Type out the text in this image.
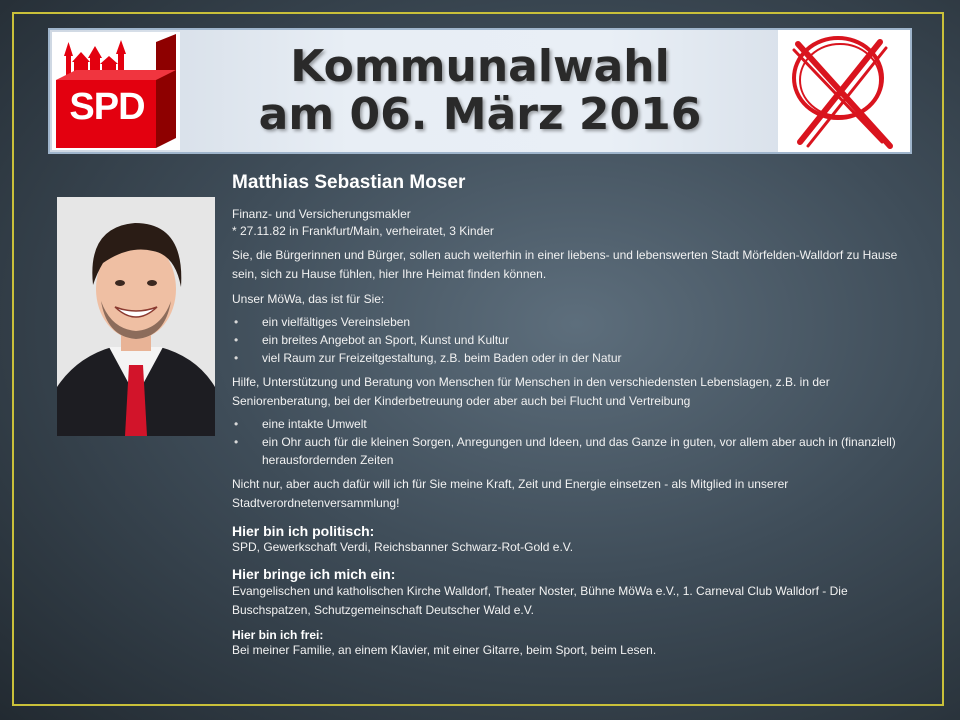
SPD
Kommunalwahl
am 06. März 2016
Matthias Sebastian Moser

Finanz- und Versicherungsmakler

* 27.11.82 in Frankfurt/Main, verheiratet, 3 Kinder

Sie, die Bürgerinnen und Bürger, sollen auch weiterhin in einer liebens- und lebenswerten Stadt Mörfelden-Walldorf zu Hause sein, sich zu Hause fühlen, hier Ihre Heimat finden können.

Unser MöWa, das ist für Sie:

• ein vielfältiges Vereinsleben
• ein breites Angebot an Sport, Kunst und Kultur
• viel Raum zur Freizeitgestaltung, z.B. beim Baden oder in der Natur

Hilfe, Unterstützung und Beratung von Menschen für Menschen in den verschiedensten Lebenslagen, z.B. in der Seniorenberatung, bei der Kinderbetreuung oder aber auch bei Flucht und Vertreibung

• eine intakte Umwelt
• ein Ohr auch für die kleinen Sorgen, Anregungen und Ideen, und das Ganze in guten, vor allem aber auch in (finanziell) herausfordernden Zeiten

Nicht nur, aber auch dafür will ich für Sie meine Kraft, Zeit und Energie einsetzen - als Mitglied in unserer Stadtverordnetenversammlung!

Hier bin ich politisch:

SPD, Gewerkschaft Verdi, Reichsbanner Schwarz-Rot-Gold e.V.

Hier bringe ich mich ein:

Evangelischen und katholischen Kirche Walldorf, Theater Noster, Bühne MöWa e.V., 1. Carneval Club Walldorf - Die Buschspatzen, Schutzgemeinschaft Deutscher Wald e.V.

Hier bin ich frei:

Bei meiner Familie, an einem Klavier, mit einer Gitarre, beim Sport, beim Lesen.
